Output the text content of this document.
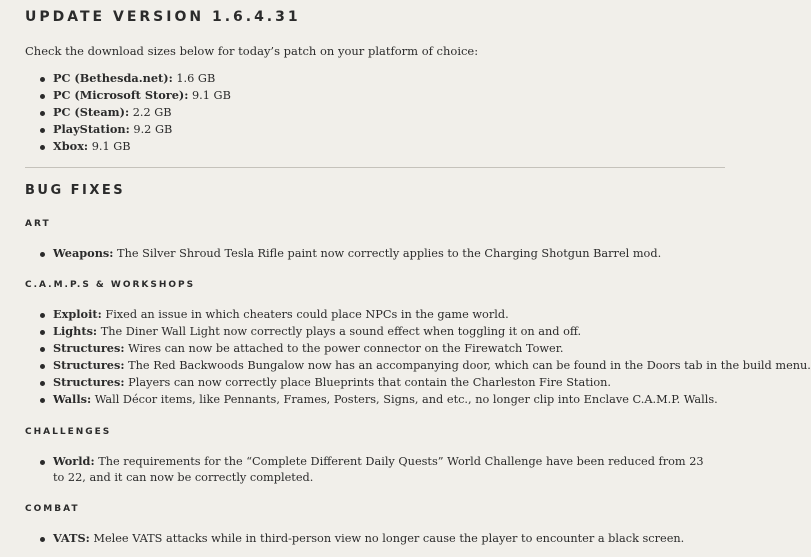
UPDATE VERSION 1.6.4.31

Check the download sizes below for today’s patch on your platform of choice:

PC (Bethesda.net): 1.6 GB
PC (Microsoft Store): 9.1 GB
PC (Steam): 2.2 GB
PlayStation: 9.2 GB
Xbox: 9.1 GB
BUG FIXES
ART
Weapons: The Silver Shroud Tesla Rifle paint now correctly applies to the Charging Shotgun Barrel mod.
C.A.M.P.S & WORKSHOPS
Exploit: Fixed an issue in which cheaters could place NPCs in the game world.
Lights: The Diner Wall Light now correctly plays a sound effect when toggling it on and off.
Structures: Wires can now be attached to the power connector on the Firewatch Tower.
Structures: The Red Backwoods Bungalow now has an accompanying door, which can be found in the Doors tab in the build menu.
Structures: Players can now correctly place Blueprints that contain the Charleston Fire Station.
Walls: Wall Décor items, like Pennants, Frames, Posters, Signs, and etc., no longer clip into Enclave C.A.M.P. Walls.
CHALLENGES
World: The requirements for the “Complete Different Daily Quests” World Challenge have been reduced from 23 to 22, and it can now be correctly completed.
COMBAT
VATS: Melee VATS attacks while in third-person view no longer cause the player to encounter a black screen.
